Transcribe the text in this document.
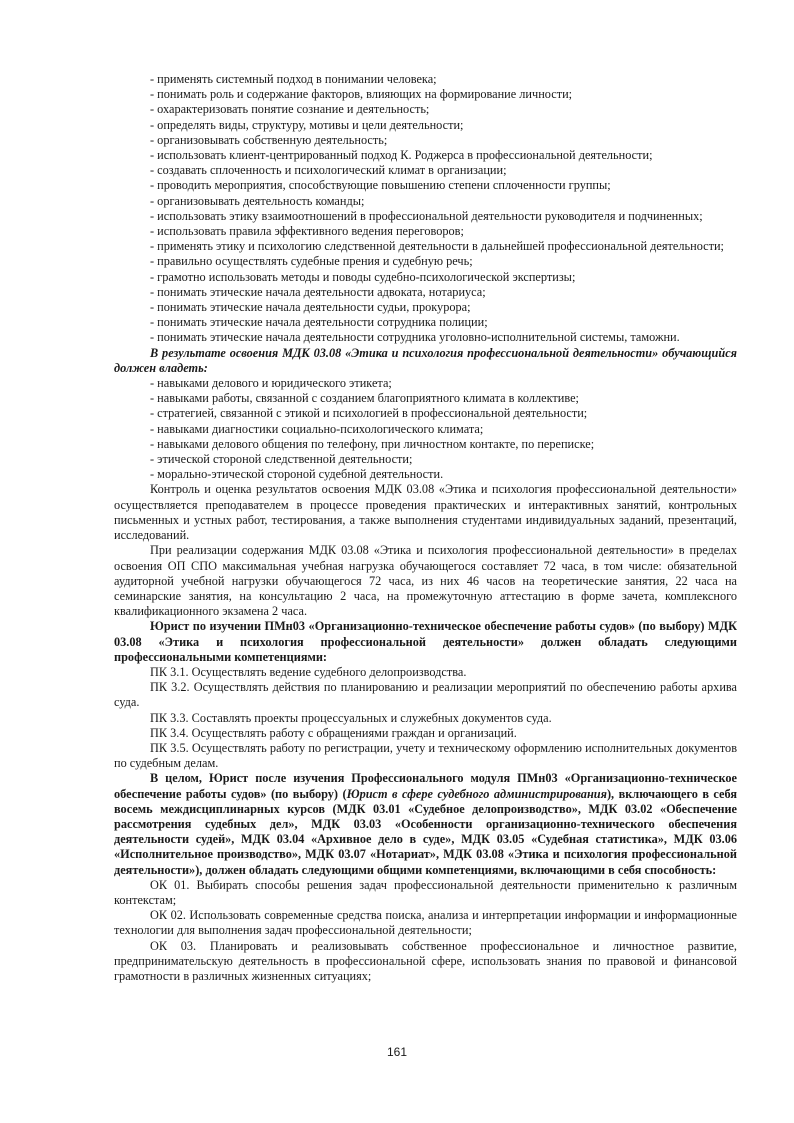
- применять системный подход в понимании человека;

- понимать роль и содержание факторов, влияющих на формирование личности;

- охарактеризовать понятие сознание и деятельность;

- определять виды, структуру, мотивы и цели деятельности;

- организовывать собственную деятельность;

- использовать клиент-центрированный подход К. Роджерса в профессиональной деятельности;

- создавать сплоченность и психологический климат в организации;

- проводить мероприятия, способствующие повышению степени сплоченности группы;

- организовывать деятельность команды;

- использовать этику взаимоотношений в профессиональной деятельности руководителя и подчиненных;

- использовать правила эффективного ведения переговоров;

- применять этику и психологию следственной деятельности в дальнейшей профессиональной деятельности;

- правильно осуществлять судебные прения и судебную речь;

- грамотно использовать методы и поводы судебно-психологической экспертизы;

- понимать этические начала деятельности адвоката, нотариуса;

- понимать этические начала деятельности судьи, прокурора;

- понимать этические начала деятельности сотрудника полиции;

- понимать этические начала деятельности сотрудника уголовно-исполнительной системы, таможни.

В результате освоения МДК 03.08 «Этика и психология профессиональной деятельности» обучающийся должен владеть:

- навыками делового и юридического этикета;

- навыками работы, связанной с созданием благоприятного климата в коллективе;

- стратегией, связанной с этикой и психологией в профессиональной деятельности;

- навыками диагностики социально-психологического климата;

- навыками делового общения по телефону, при личностном контакте, по переписке;

- этической стороной следственной деятельности;

- морально-этической стороной судебной деятельности.

Контроль и оценка результатов освоения МДК 03.08 «Этика и психология профессиональной деятельности» осуществляется преподавателем в процессе проведения практических и интерактивных занятий, контрольных письменных и устных работ, тестирования, а также выполнения студентами индивидуальных заданий, презентаций, исследований.

При реализации содержания МДК 03.08 «Этика и психология профессиональной деятельности» в пределах освоения ОП СПО максимальная учебная нагрузка обучающегося составляет 72 часа, в том числе: обязательной аудиторной учебной нагрузки обучающегося 72 часа, из них 46 часов на теоретические занятия, 22 часа на семинарские занятия, на консультацию 2 часа, на промежуточную аттестацию в форме зачета, комплексного квалификационного экзамена 2 часа.

Юрист по изучении ПМн03 «Организационно-техническое обеспечение работы судов» (по выбору) МДК 03.08 «Этика и психология профессиональной деятельности» должен обладать следующими профессиональными компетенциями:

ПК 3.1. Осуществлять ведение судебного делопроизводства.

ПК 3.2. Осуществлять действия по планированию и реализации мероприятий по обеспечению работы архива суда.

ПК 3.3. Составлять проекты процессуальных и служебных документов суда.

ПК 3.4. Осуществлять работу с обращениями граждан и организаций.

ПК 3.5. Осуществлять работу по регистрации, учету и техническому оформлению исполнительных документов по судебным делам.

В целом, Юрист после изучения Профессионального модуля ПМн03 «Организационно-техническое обеспечение работы судов» (по выбору) (Юрист в сфере судебного администрирования), включающего в себя восемь междисциплинарных курсов (МДК 03.01 «Судебное делопроизводство», МДК 03.02 «Обеспечение рассмотрения судебных дел», МДК 03.03 «Особенности организационно-технического обеспечения деятельности судей», МДК 03.04 «Архивное дело в суде», МДК 03.05 «Судебная статистика», МДК 03.06 «Исполнительное производство», МДК 03.07 «Нотариат», МДК 03.08 «Этика и психология профессиональной деятельности»), должен обладать следующими общими компетенциями, включающими в себя способность:

ОК 01. Выбирать способы решения задач профессиональной деятельности применительно к различным контекстам;

ОК 02. Использовать современные средства поиска, анализа и интерпретации информации и информационные технологии для выполнения задач профессиональной деятельности;

ОК 03. Планировать и реализовывать собственное профессиональное и личностное развитие, предпринимательскую деятельность в профессиональной сфере, использовать знания по правовой и финансовой грамотности в различных жизненных ситуациях;

161
